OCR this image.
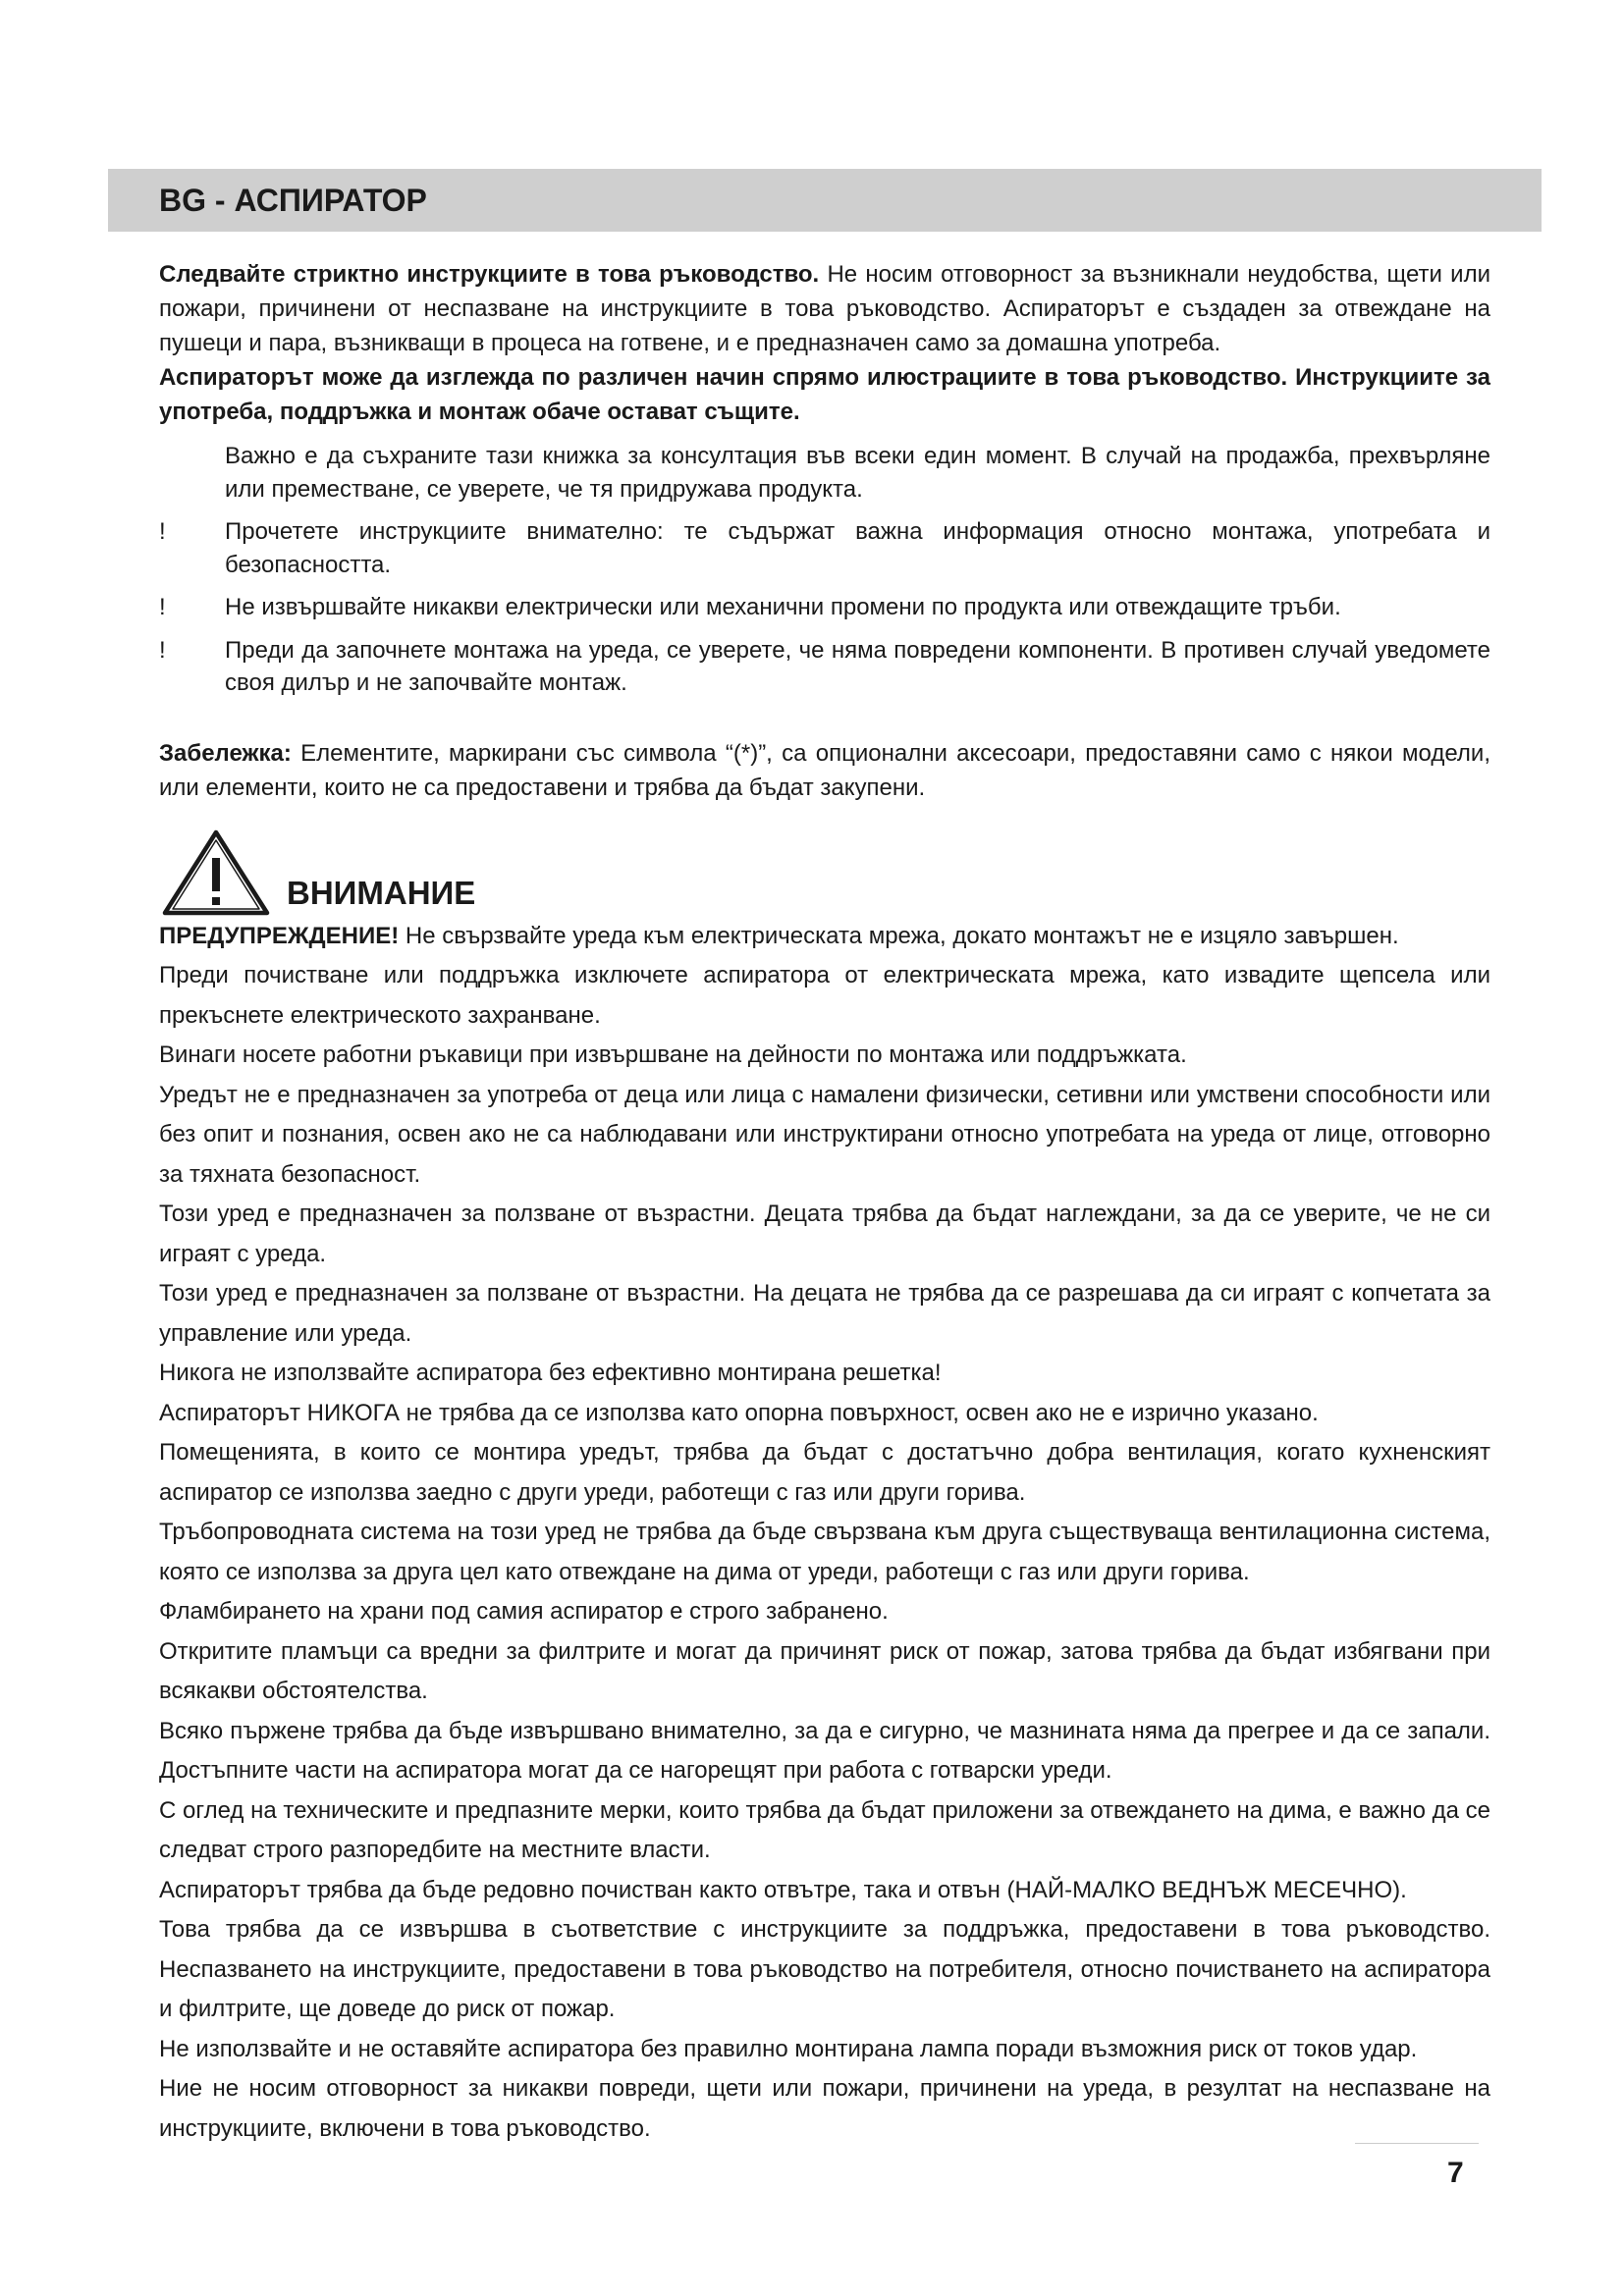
BG - АСПИРАТОР

Следвайте стриктно инструкциите в това ръководство. Не носим отговорност за възникнали неудобства, щети или пожари, причинени от неспазване на инструкциите в това ръководство. Аспираторът е създаден за отвеждане на пушеци и пара, възникващи в процеса на готвене, и е предназначен само за домашна употреба.

Аспираторът може да изглежда по различен начин спрямо илюстрациите в това ръководство. Инструкциите за употреба, поддръжка и монтаж обаче остават същите.

Важно е да съхраните тази книжка за консултация във всеки един момент. В случай на продажба, прехвърляне или преместване, се уверете, че тя придружава продукта.
!	Прочетете инструкциите внимателно: те съдържат важна информация относно монтажа, употребата и безопасността.
!	Не извършвайте никакви електрически или механични промени по продукта или отвеждащите тръби.
!	Преди да започнете монтажа на уреда, се уверете, че няма повредени компоненти. В противен случай уведомете своя дилър и не започвайте монтаж.

Забележка: Елементите, маркирани със символа “(*)”, са опционални аксесоари, предоставяни само с някои модели, или елементи, които не са предоставени и трябва да бъдат закупени.

ВНИМАНИЕ

ПРЕДУПРЕЖДЕНИЕ! Не свързвайте уреда към електрическата мрежа, докато монтажът не е изцяло завършен.

Преди почистване или поддръжка изключете аспиратора от електрическата мрежа, като извадите щепсела или прекъснете електрическото захранване.

Винаги носете работни ръкавици при извършване на дейности по монтажа или поддръжката.

Уредът не е предназначен за употреба от деца или лица с намалени физически, сетивни или умствени способности или без опит и познания, освен ако не са наблюдавани или инструктирани относно употребата на уреда от лице, отговорно за тяхната безопасност.

Този уред е предназначен за ползване от възрастни. Децата трябва да бъдат наглеждани, за да се уверите, че не си играят с уреда.

Този уред е предназначен за ползване от възрастни. На децата не трябва да се разрешава да си играят с копчетата за управление или уреда.

Никога не използвайте аспиратора без ефективно монтирана решетка!

Аспираторът НИКОГА не трябва да се използва като опорна повърхност, освен ако не е изрично указано.

Помещенията, в които се монтира уредът, трябва да бъдат с достатъчно добра вентилация, когато кухненският аспиратор се използва заедно с други уреди, работещи с газ или други горива.

Тръбопроводната система на този уред не трябва да бъде свързвана към друга съществуваща вентилационна система, която се използва за друга цел като отвеждане на дима от уреди, работещи с газ или други горива.

Фламбирането на храни под самия аспиратор е строго забранено.

Откритите пламъци са вредни за филтрите и могат да причинят риск от пожар, затова трябва да бъдат избягвани при всякакви обстоятелства.

Всяко пържене трябва да бъде извършвано внимателно, за да е сигурно, че мазнината няма да прегрее и да се запали. Достъпните части на аспиратора могат да се нагорещят при работа с готварски уреди.

С оглед на техническите и предпазните мерки, които трябва да бъдат приложени за отвеждането на дима, е важно да се следват строго разпоредбите на местните власти.

Аспираторът трябва да бъде редовно почистван както отвътре, така и отвън (НАЙ-МАЛКО ВЕДНЪЖ МЕСЕЧНО).

Това трябва да се извършва в съответствие с инструкциите за поддръжка, предоставени в това ръководство. Неспазването на инструкциите, предоставени в това ръководство на потребителя, относно почистването на аспиратора и филтрите, ще доведе до риск от пожар.

Не използвайте и не оставяйте аспиратора без правилно монтирана лампа поради възможния риск от токов удар.

Ние не носим отговорност за никакви повреди, щети или пожари, причинени на уреда, в резултат на неспазване на инструкциите, включени в това ръководство.

7
